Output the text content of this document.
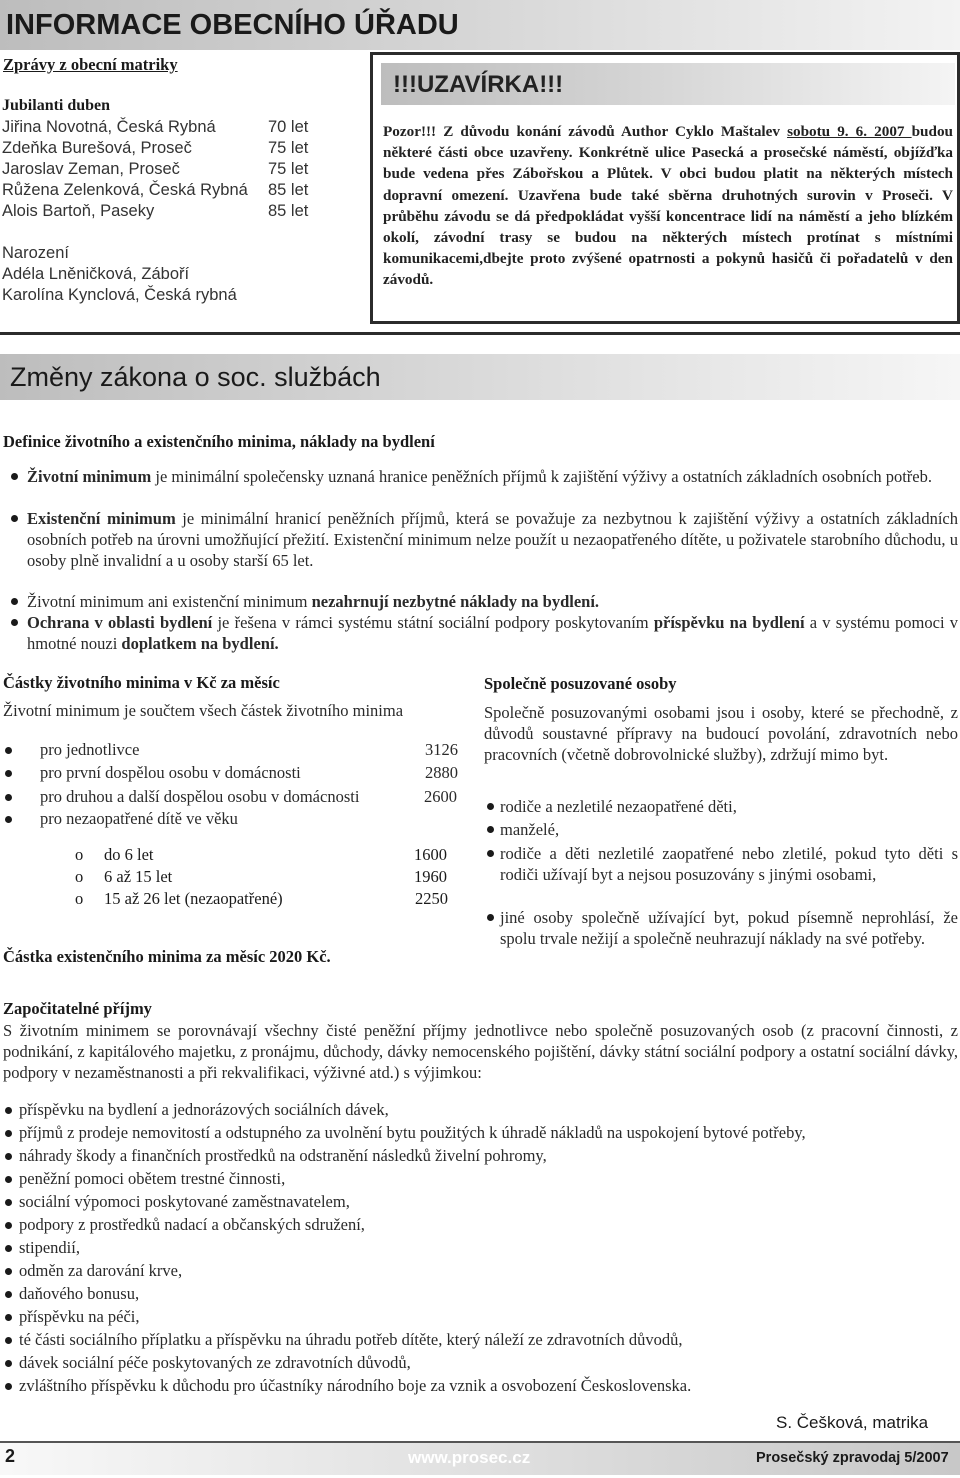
INFORMACE OBECNÍHO ÚŘADU
Zprávy z obecní matriky
Jubilanti duben
Jiřina Novotná, Česká Rybná	70 let
Zdeňka Burešová, Proseč	75 let
Jaroslav Zeman, Proseč	75 let
Růžena Zelenková, Česká Rybná 85 let
Alois Bartoň, Paseky	85 let
Narození
Adéla Lněničková, Záboří
Karolína Kynclová, Česká rybná
!!!UZAVÍRKA!!!
Pozor!!! Z důvodu konání závodů Author Cyklo Maštalev sobotu 9. 6. 2007 budou některé části obce uzavřeny. Konkrétně ulice Pasecká a prosečské náměstí, objížďka bude vedena přes Zábořskou a Plůtek. V obci budou platit na některých místech dopravní omezení. Uzavřena bude také sběrna druhotných surovin v Proseči. V průběhu závodu se dá předpokládat vyšší koncentrace lidí na náměstí a jeho blízkém okolí, závodní trasy se budou na některých místech protínat s místními komunikacemi,dbejte proto zvýšené opatrnosti a pokynů hasičů či pořadatelů v den závodů.
Změny zákona o soc. službách
Definice životního a existenčního minima, náklady na bydlení
Životní minimum je minimální společensky uznaná hranice peněžních příjmů k zajištění výživy a ostatních základních osobních potřeb.
Existenční minimum je minimální hranicí peněžních příjmů, která se považuje za nezbytnou k zajištění výživy a ostatních základních osobních potřeb na úrovni umožňující přežití. Existenční minimum nelze použít u nezaopatřeného dítěte, u poživatele starobního důchodu, u osoby plně invalidní a u osoby starší 65 let.
Životní minimum ani existenční minimum nezahrnují nezbytné náklady na bydlení.
Ochrana v oblasti bydlení je řešena v rámci systému státní sociální podpory poskytovaním příspěvku na bydlení a v systému pomoci v hmotné nouzi doplatkem na bydlení.
Částky životního minima v Kč za měsíc
Životní minimum je součtem všech částek životního minima
pro jednotlivce	3126
pro první dospělou osobu v domácnosti	2880
pro druhou a další dospělou osobu v domácnosti	2600
pro nezaopatřené dítě ve věku
o do 6 let	1600
o 6 až 15 let	1960
o 15 až 26 let (nezaopatřené)	2250
Částka existenčního minima za měsíc 2020 Kč.
Společně posuzované osoby
Společně posuzovanými osobami jsou i osoby, které se přechodně, z důvodů soustavné přípravy na budoucí povolání, zdravotních nebo pracovních (včetně dobrovolnické služby), zdržují mimo byt.
rodiče a nezletilé nezaopatřené děti,
manželé,
rodiče a děti nezletilé zaopatřené nebo zletilé, pokud tyto děti s rodiči užívají byt a nejsou posuzovány s jinými osobami,
jiné osoby společně užívající byt, pokud písemně neprohlásí, že spolu trvale nežijí a společně neuhrazují náklady na své potřeby.
Započitatelné příjmy
S životním minimem se porovnávají všechny čisté peněžní příjmy jednotlivce nebo společně posuzovaných osob (z pracovní činnosti, z podnikání, z kapitálového majetku, z pronájmu, důchody, dávky nemocenského pojištění, dávky státní sociální podpory a ostatní sociální dávky, podpory v nezaměstnanosti a při rekvalifikaci, výživné atd.) s výjimkou:
příspěvku na bydlení a jednorázových sociálních dávek,
příjmů z prodeje nemovitostí a odstupného za uvolnění bytu použitých k úhradě nákladů na uspokojení bytové potřeby,
náhrady škody a finančních prostředků na odstranění následků živelní pohromy,
peněžní pomoci obětem trestné činnosti,
sociální výpomoci poskytované zaměstnavatelem,
podpory z prostředků nadací a občanských sdružení,
stipendií,
odměn za darování krve,
daňového bonusu,
příspěvku na péči,
té části sociálního příplatku a příspěvku na úhradu potřeb dítěte, který náleží ze zdravotních důvodů,
dávek sociální péče poskytovaných ze zdravotních důvodů,
zvláštního příspěvku k důchodu pro účastníky národního boje za vznik a osvobození Československa.
S. Češková, matrika
2	www.prosec.cz	Prosečský zpravodaj 5/2007
